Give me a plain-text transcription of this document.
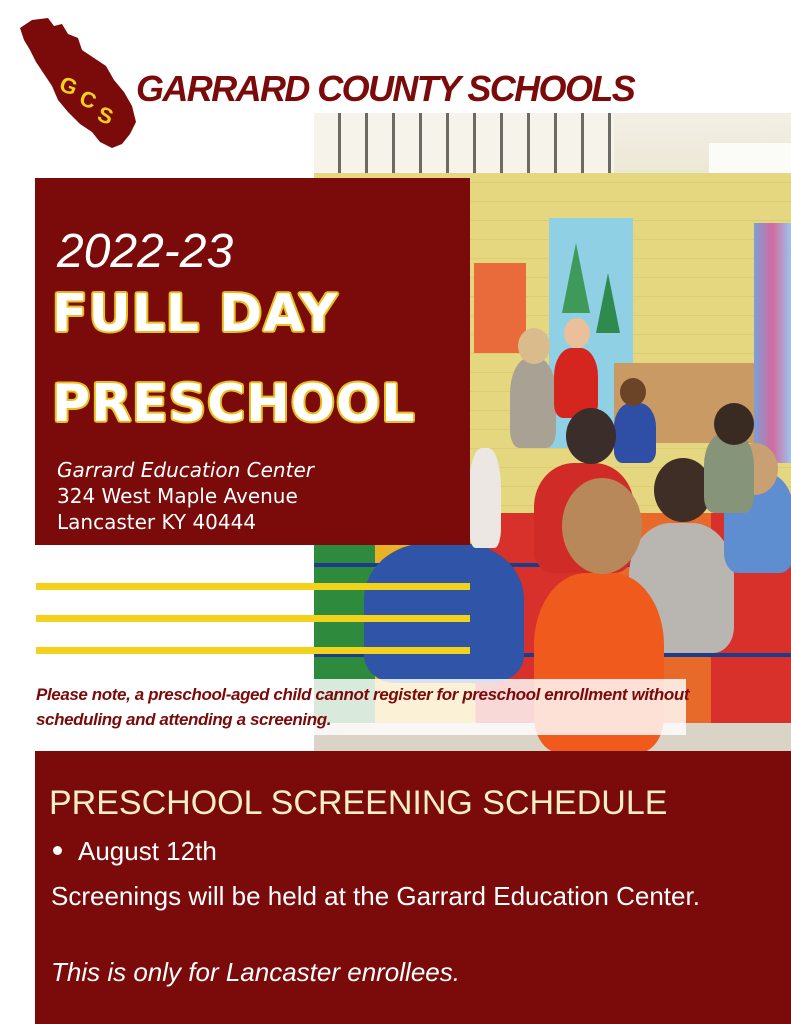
G
C
S
GARRARD COUNTY SCHOOLS
2022-23
FULL DAY
PRESCHOOL
Garrard Education Center
324 West Maple Avenue
Lancaster KY 40444

Please note, a preschool-aged child cannot register for preschool enrollment without scheduling and attending a screening.

PRESCHOOL SCREENING SCHEDULE
August 12th

Screenings will be held at the Garrard Education Center.

This is only for Lancaster enrollees.
